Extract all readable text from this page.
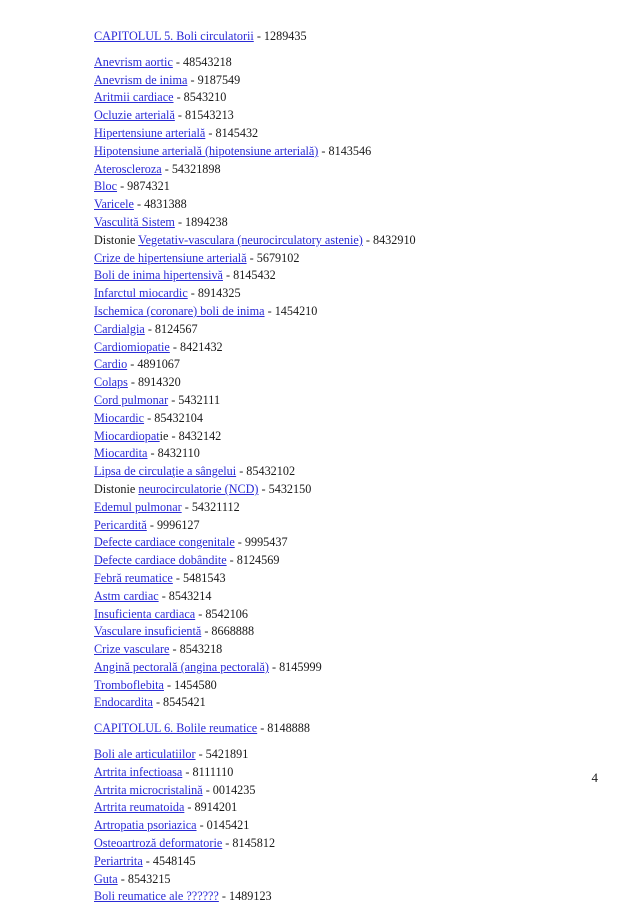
CAPITOLUL 5. Boli circulatorii - 1289435
Anevrism aortic - 48543218
Anevrism de inima - 9187549
Aritmii cardiace - 8543210
Ocluzie arterială - 81543213
Hipertensiune arterială - 8145432
Hipotensiune arterială (hipotensiune arterială) - 8143546
Ateroscleroza - 54321898
Bloc - 9874321
Varicele - 4831388
Vasculită Sistem - 1894238
Distonie Vegetativ-vasculara (neurocirculatory astenie) - 8432910
Crize de hipertensiune arterială - 5679102
Boli de inima hipertensivă - 8145432
Infarctul miocardic - 8914325
Ischemica (coronare) boli de inima - 1454210
Cardialgia - 8124567
Cardiomiopatie - 8421432
Cardio - 4891067
Colaps - 8914320
Cord pulmonar - 5432111
Miocardic - 85432104
Miocardiopatie - 8432142
Miocardita - 8432110
Lipsa de circulaţie a sângelui - 85432102
Distonie neurocirculatorie (NCD) - 5432150
Edemul pulmonar - 54321112
Pericardită - 9996127
Defecte cardiace congenitale - 9995437
Defecte cardiace dobândite - 8124569
Febră reumatice - 5481543
Astm cardiac - 8543214
Insuficienta cardiaca - 8542106
Vasculare insuficientă - 8668888
Crize vasculare - 8543218
Angină pectorală (angina pectorală) - 8145999
Tromboflebita - 1454580
Endocardita - 8545421
CAPITOLUL 6. Bolile reumatice - 8148888
Boli ale articulatiilor - 5421891
Artrita infectioasa - 8111110
Artrita microcristalină - 0014235
Artrita reumatoida - 8914201
Artropatia psoriazica - 0145421
Osteoartroză deformatorie - 8145812
Periartrita - 4548145
Guta - 8543215
Boli reumatice ale ?????? - 1489123
4
